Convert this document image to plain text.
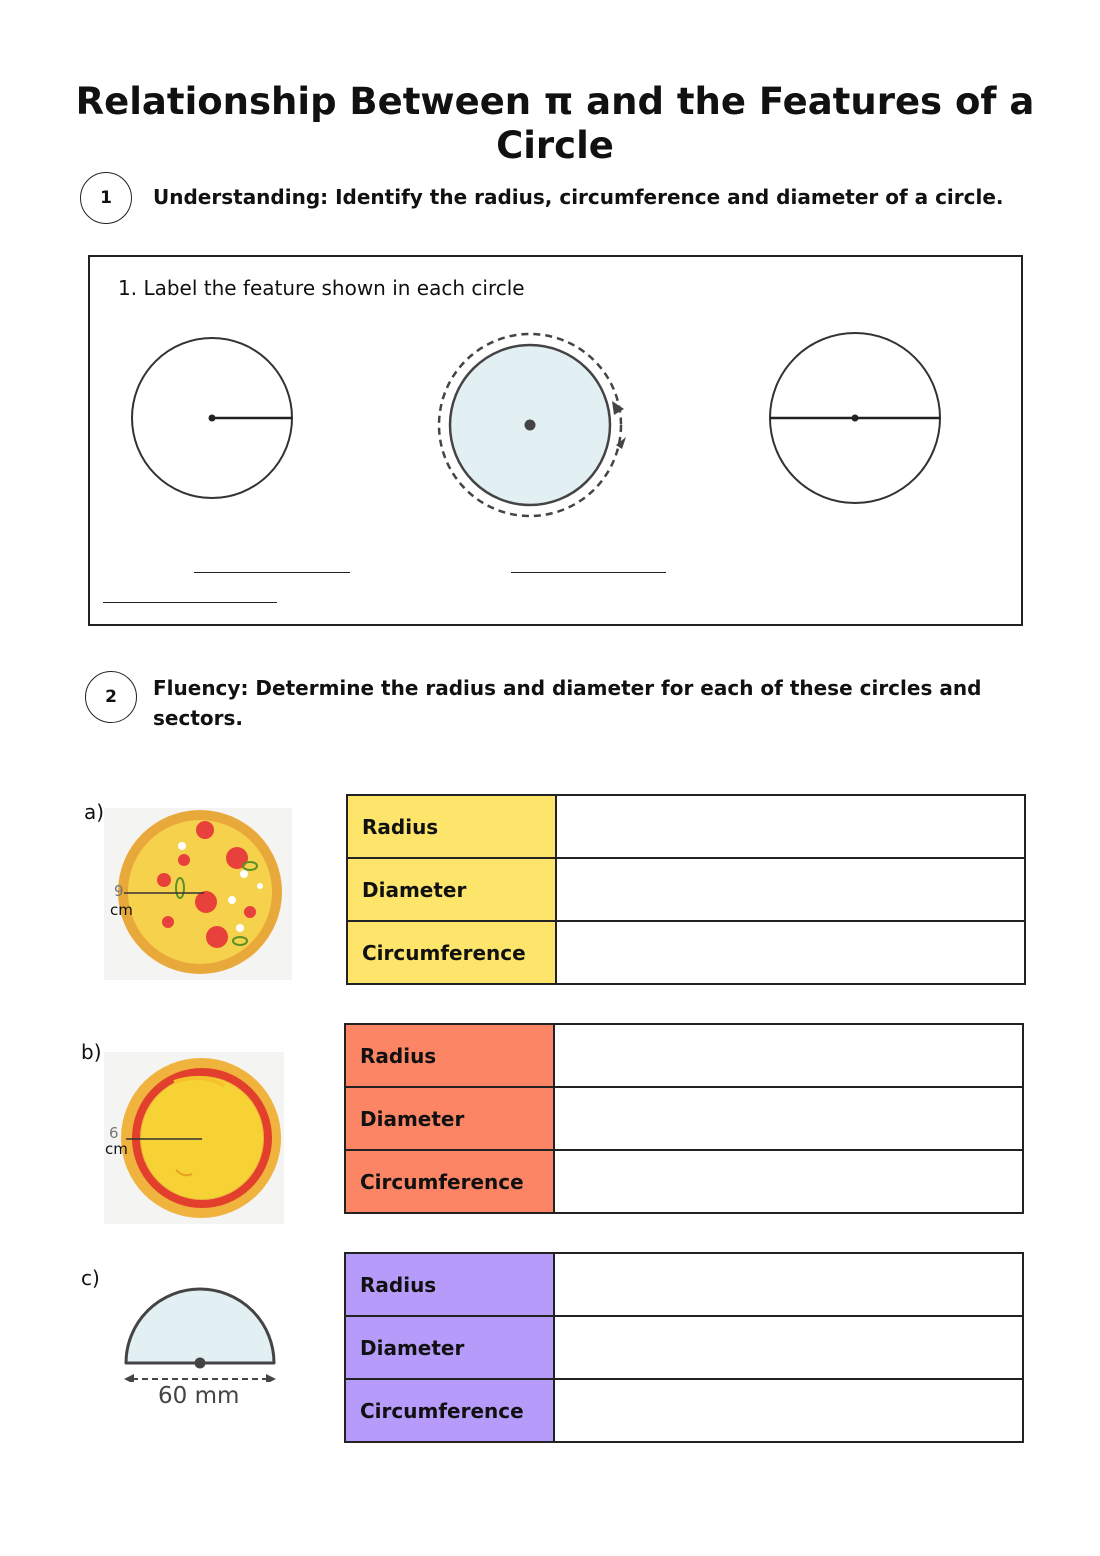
Relationship Between π and the Features of a Circle
1	Understanding: Identify the radius, circumference and diameter of a circle.
1. Label the feature shown in each circle
2	Fluency: Determine the radius and diameter for each of these circles and sectors.
a)
9
cm
Radius	
Diameter	
Circumference	
b)
6
cm
Radius	
Diameter	
Circumference	
c)
60 mm
Radius	
Diameter	
Circumference	
